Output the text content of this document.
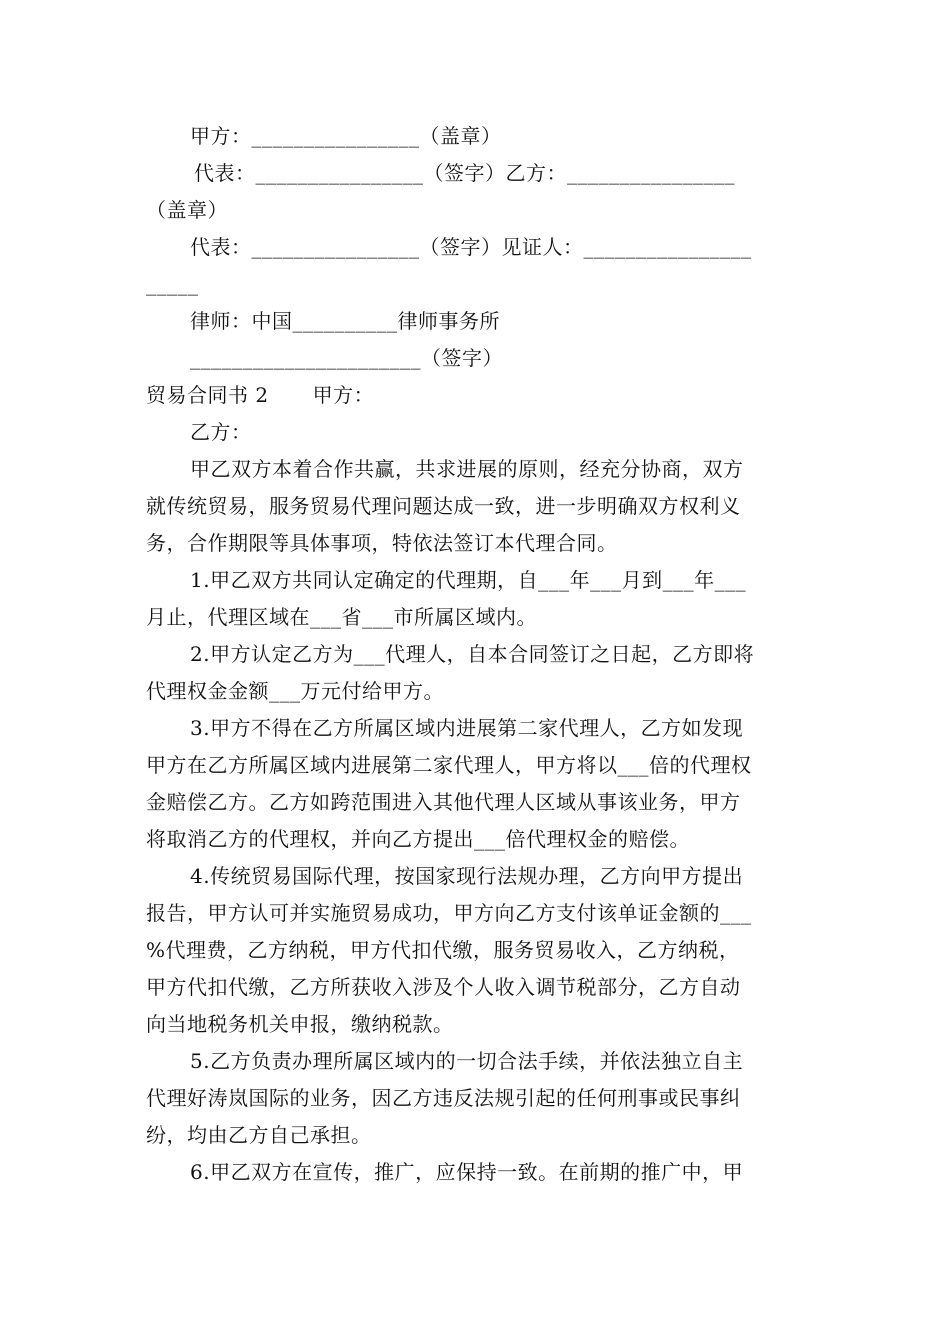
甲方：________________（盖章）
代表：________________（签字）乙方：________________
（盖章）
代表：________________（签字）见证人：________________
_____
律师：中国__________律师事务所
______________________（签字）
贸易合同书 2 甲方：
乙方：
甲乙双方本着合作共赢，共求进展的原则，经充分协商，双方
就传统贸易，服务贸易代理问题达成一致，进一步明确双方权利义
务，合作期限等具体事项，特依法签订本代理合同。
1.甲乙双方共同认定确定的代理期，自___年___月到___年___
月止，代理区域在___省___市所属区域内。
2.甲方认定乙方为___代理人，自本合同签订之日起，乙方即将
代理权金金额___万元付给甲方。
3.甲方不得在乙方所属区域内进展第二家代理人，乙方如发现
甲方在乙方所属区域内进展第二家代理人，甲方将以___倍的代理权
金赔偿乙方。乙方如跨范围进入其他代理人区域从事该业务，甲方
将取消乙方的代理权，并向乙方提出___倍代理权金的赔偿。
4.传统贸易国际代理，按国家现行法规办理，乙方向甲方提出
报告，甲方认可并实施贸易成功，甲方向乙方支付该单证金额的___
%代理费，乙方纳税，甲方代扣代缴，服务贸易收入，乙方纳税，
甲方代扣代缴，乙方所获收入涉及个人收入调节税部分，乙方自动
向当地税务机关申报，缴纳税款。
5.乙方负责办理所属区域内的一切合法手续，并依法独立自主
代理好涛岚国际的业务，因乙方违反法规引起的任何刑事或民事纠
纷，均由乙方自己承担。
6.甲乙双方在宣传，推广，应保持一致。在前期的推广中，甲
